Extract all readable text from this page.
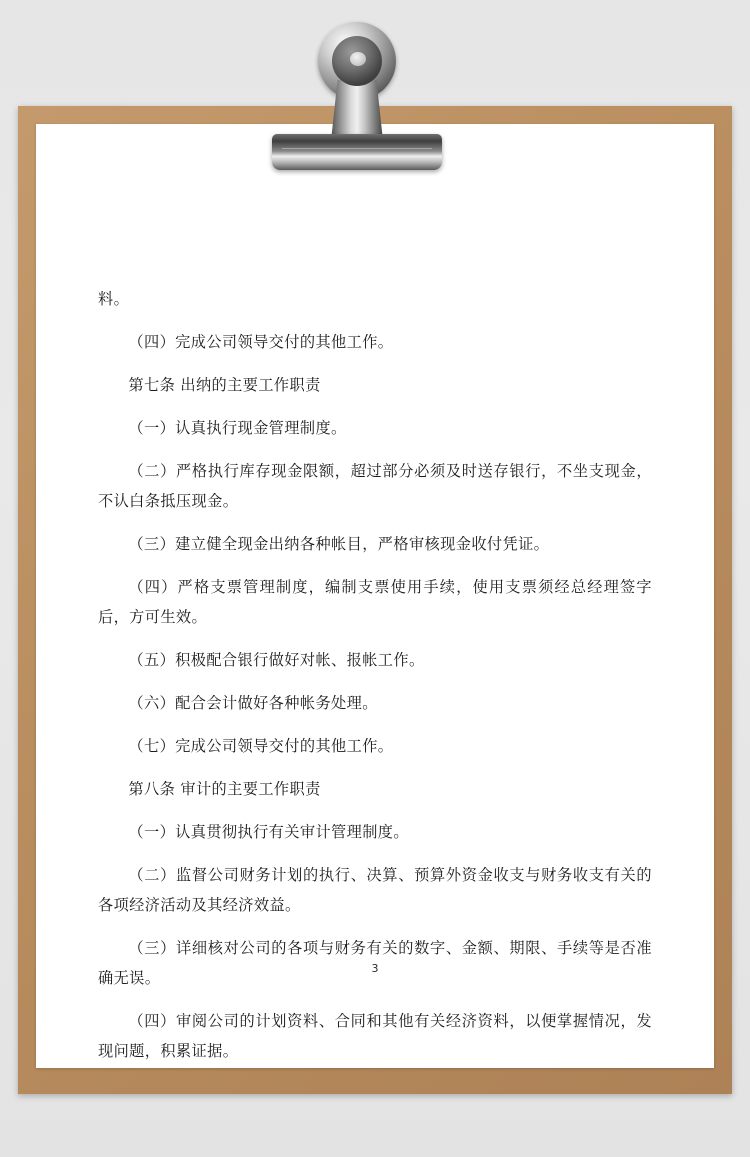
料。

（四）完成公司领导交付的其他工作。

第七条 出纳的主要工作职责

（一）认真执行现金管理制度。

（二）严格执行库存现金限额，超过部分必须及时送存银行，不坐支现金，不认白条抵压现金。

（三）建立健全现金出纳各种帐目，严格审核现金收付凭证。

（四）严格支票管理制度，编制支票使用手续，使用支票须经总经理签字后，方可生效。

（五）积极配合银行做好对帐、报帐工作。

（六）配合会计做好各种帐务处理。

（七）完成公司领导交付的其他工作。

第八条 审计的主要工作职责

（一）认真贯彻执行有关审计管理制度。

（二）监督公司财务计划的执行、决算、预算外资金收支与财务收支有关的各项经济活动及其经济效益。

（三）详细核对公司的各项与财务有关的数字、金额、期限、手续等是否准确无误。

（四）审阅公司的计划资料、合同和其他有关经济资料，以便掌握情况，发现问题，积累证据。

3
